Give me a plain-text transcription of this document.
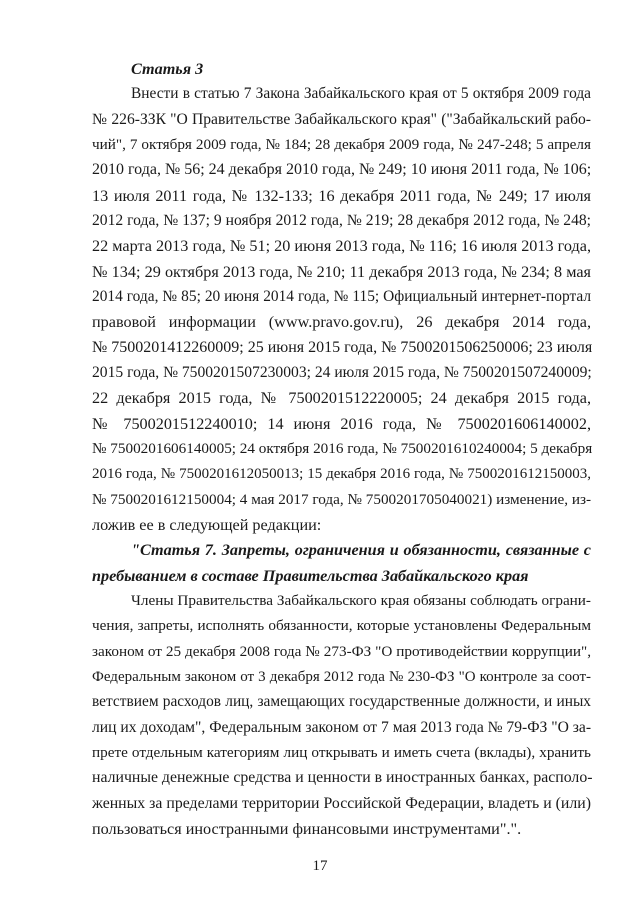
Статья 3
Внести в статью 7 Закона Забайкальского края от 5 октября 2009 года
№ 226-ЗЗК "О Правительстве Забайкальского края" ("Забайкальский рабо-
чий", 7 октября 2009 года, № 184; 28 декабря 2009 года, № 247-248; 5 апреля
2010 года, № 56; 24 декабря 2010 года, № 249; 10 июня 2011 года, № 106;
13 июля 2011 года, № 132-133; 16 декабря 2011 года, № 249; 17 июля
2012 года, № 137; 9 ноября 2012 года, № 219; 28 декабря 2012 года, № 248;
22 марта 2013 года, № 51; 20 июня 2013 года, № 116; 16 июля 2013 года,
№ 134; 29 октября 2013 года, № 210; 11 декабря 2013 года, № 234; 8 мая
2014 года, № 85; 20 июня 2014 года, № 115; Официальный интернет-портал
правовой информации (www.pravo.gov.ru), 26 декабря 2014 года,
№ 7500201412260009; 25 июня 2015 года, № 7500201506250006; 23 июля
2015 года, № 7500201507230003; 24 июля 2015 года, № 7500201507240009;
22 декабря 2015 года, № 7500201512220005; 24 декабря 2015 года,
№ 7500201512240010; 14 июня 2016 года, № 7500201606140002,
№ 7500201606140005; 24 октября 2016 года, № 7500201610240004; 5 декабря
2016 года, № 7500201612050013; 15 декабря 2016 года, № 7500201612150003,
№ 7500201612150004; 4 мая 2017 года, № 7500201705040021) изменение, из-
ложив ее в следующей редакции:
"Статья 7. Запреты, ограничения и обязанности, связанные с
пребыванием в составе Правительства Забайкальского края
Члены Правительства Забайкальского края обязаны соблюдать ограни-
чения, запреты, исполнять обязанности, которые установлены Федеральным
законом от 25 декабря 2008 года № 273-ФЗ "О противодействии коррупции",
Федеральным законом от 3 декабря 2012 года № 230-ФЗ "О контроле за соот-
ветствием расходов лиц, замещающих государственные должности, и иных
лиц их доходам", Федеральным законом от 7 мая 2013 года № 79-ФЗ "О за-
прете отдельным категориям лиц открывать и иметь счета (вклады), хранить
наличные денежные средства и ценности в иностранных банках, располо-
женных за пределами территории Российской Федерации, владеть и (или)
пользоваться иностранными финансовыми инструментами".".
17
